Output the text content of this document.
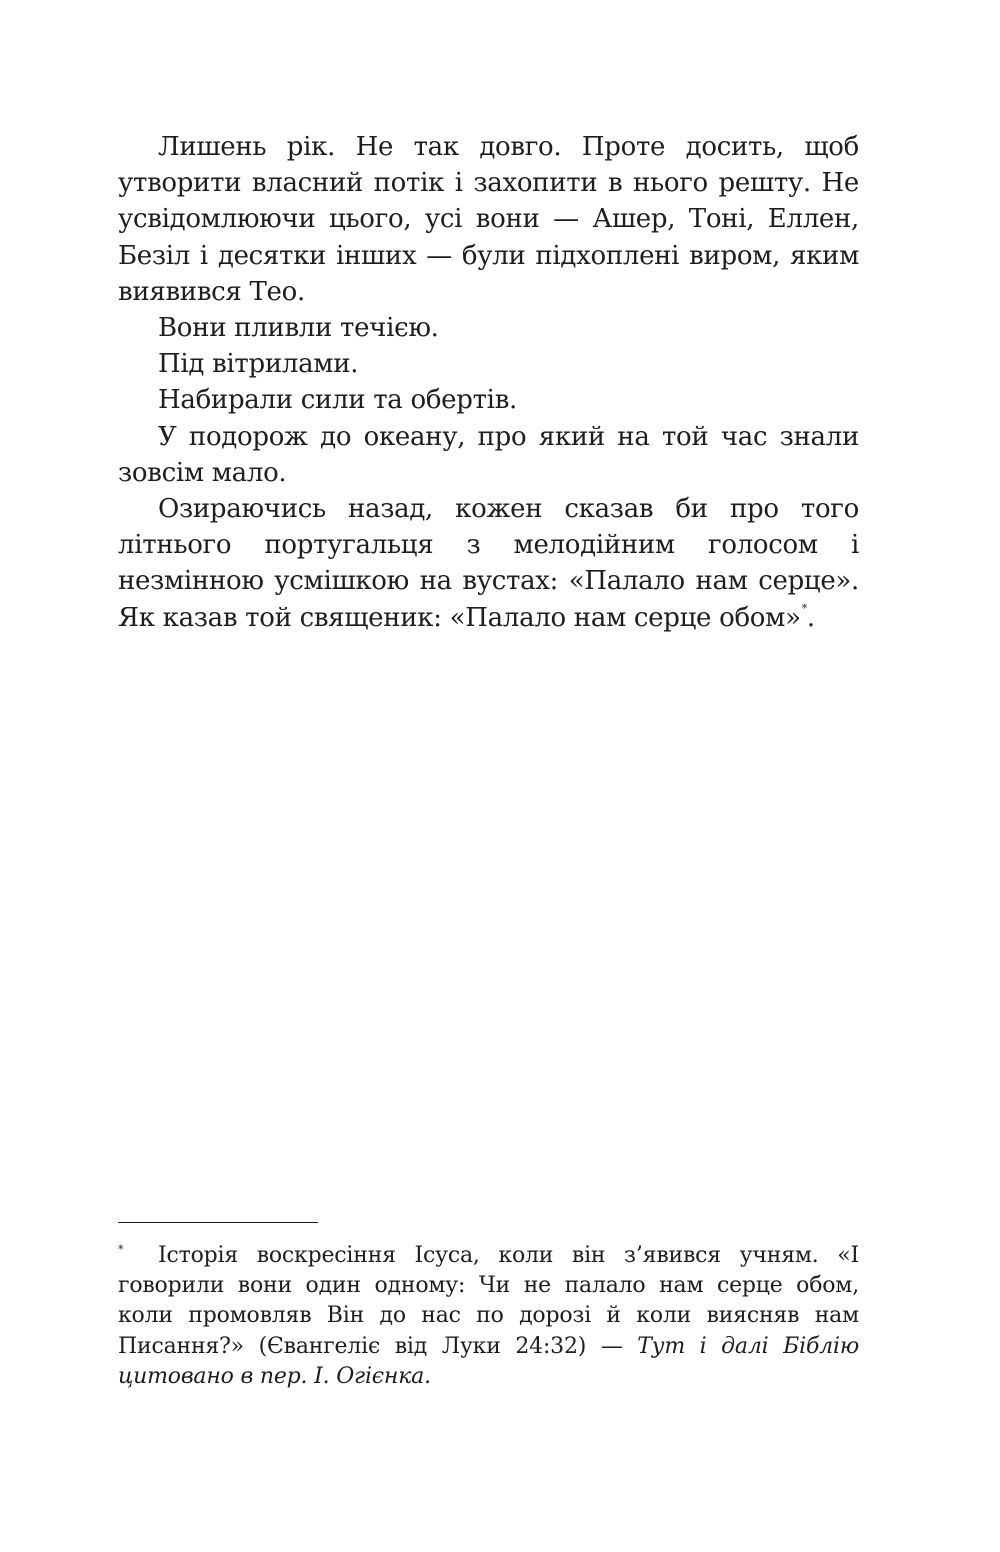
Лишень рік. Не так довго. Проте досить, щоб утворити власний потік і захопити в нього решту. Не усвідомлюючи цього, усі вони — Ашер, Тоні, Еллен, Безіл і десятки інших — були підхоплені виром, яким виявився Тео.

Вони пливли течією.

Під вітрилами.

Набирали сили та обертів.

У подорож до океану, про який на той час знали зовсім мало.

Озираючись назад, кожен сказав би про того літнього португальця з мелодійним голосом і незмінною усмішкою на вустах: «Палало нам серце». Як казав той священик: «Палало нам серце обом»*.

*	Історія воскресіння Ісуса, коли він з’явився учням. «І говорили вони один одному: Чи не палало нам серце обом, коли промовляв Він до нас по дорозі й коли виясняв нам Писання?» (Євангеліє від Луки 24:32) — Тут і далі Біблію цитовано в пер. І. Огієнка.
